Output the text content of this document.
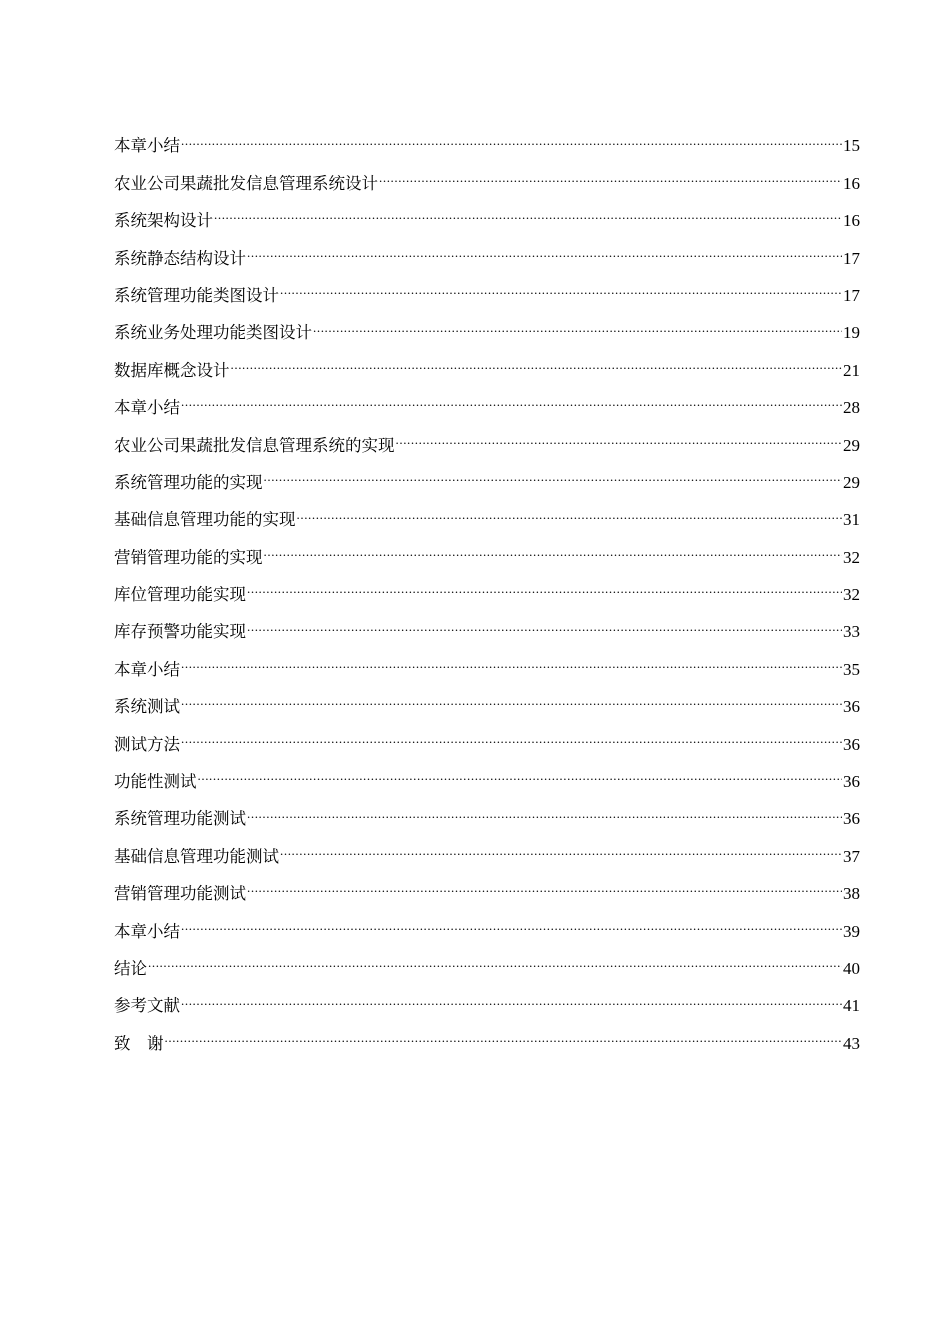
本章小结 .....	15
农业公司果蔬批发信息管理系统设计 .....	16
系统架构设计 .....	16
系统静态结构设计 .....	17
系统管理功能类图设计 .....	17
系统业务处理功能类图设计 .....	19
数据库概念设计 .....	21
本章小结 .....	28
农业公司果蔬批发信息管理系统的实现 .....	29
系统管理功能的实现 .....	29
基础信息管理功能的实现 .....	31
营销管理功能的实现 .....	32
库位管理功能实现 .....	32
库存预警功能实现 .....	33
本章小结 .....	35
系统测试 .....	36
测试方法 .....	36
功能性测试 .....	36
系统管理功能测试 .....	36
基础信息管理功能测试 .....	37
营销管理功能测试 .....	38
本章小结 .....	39
结论 .....	40
参考文献 .....	41
致　谢 .....	43
